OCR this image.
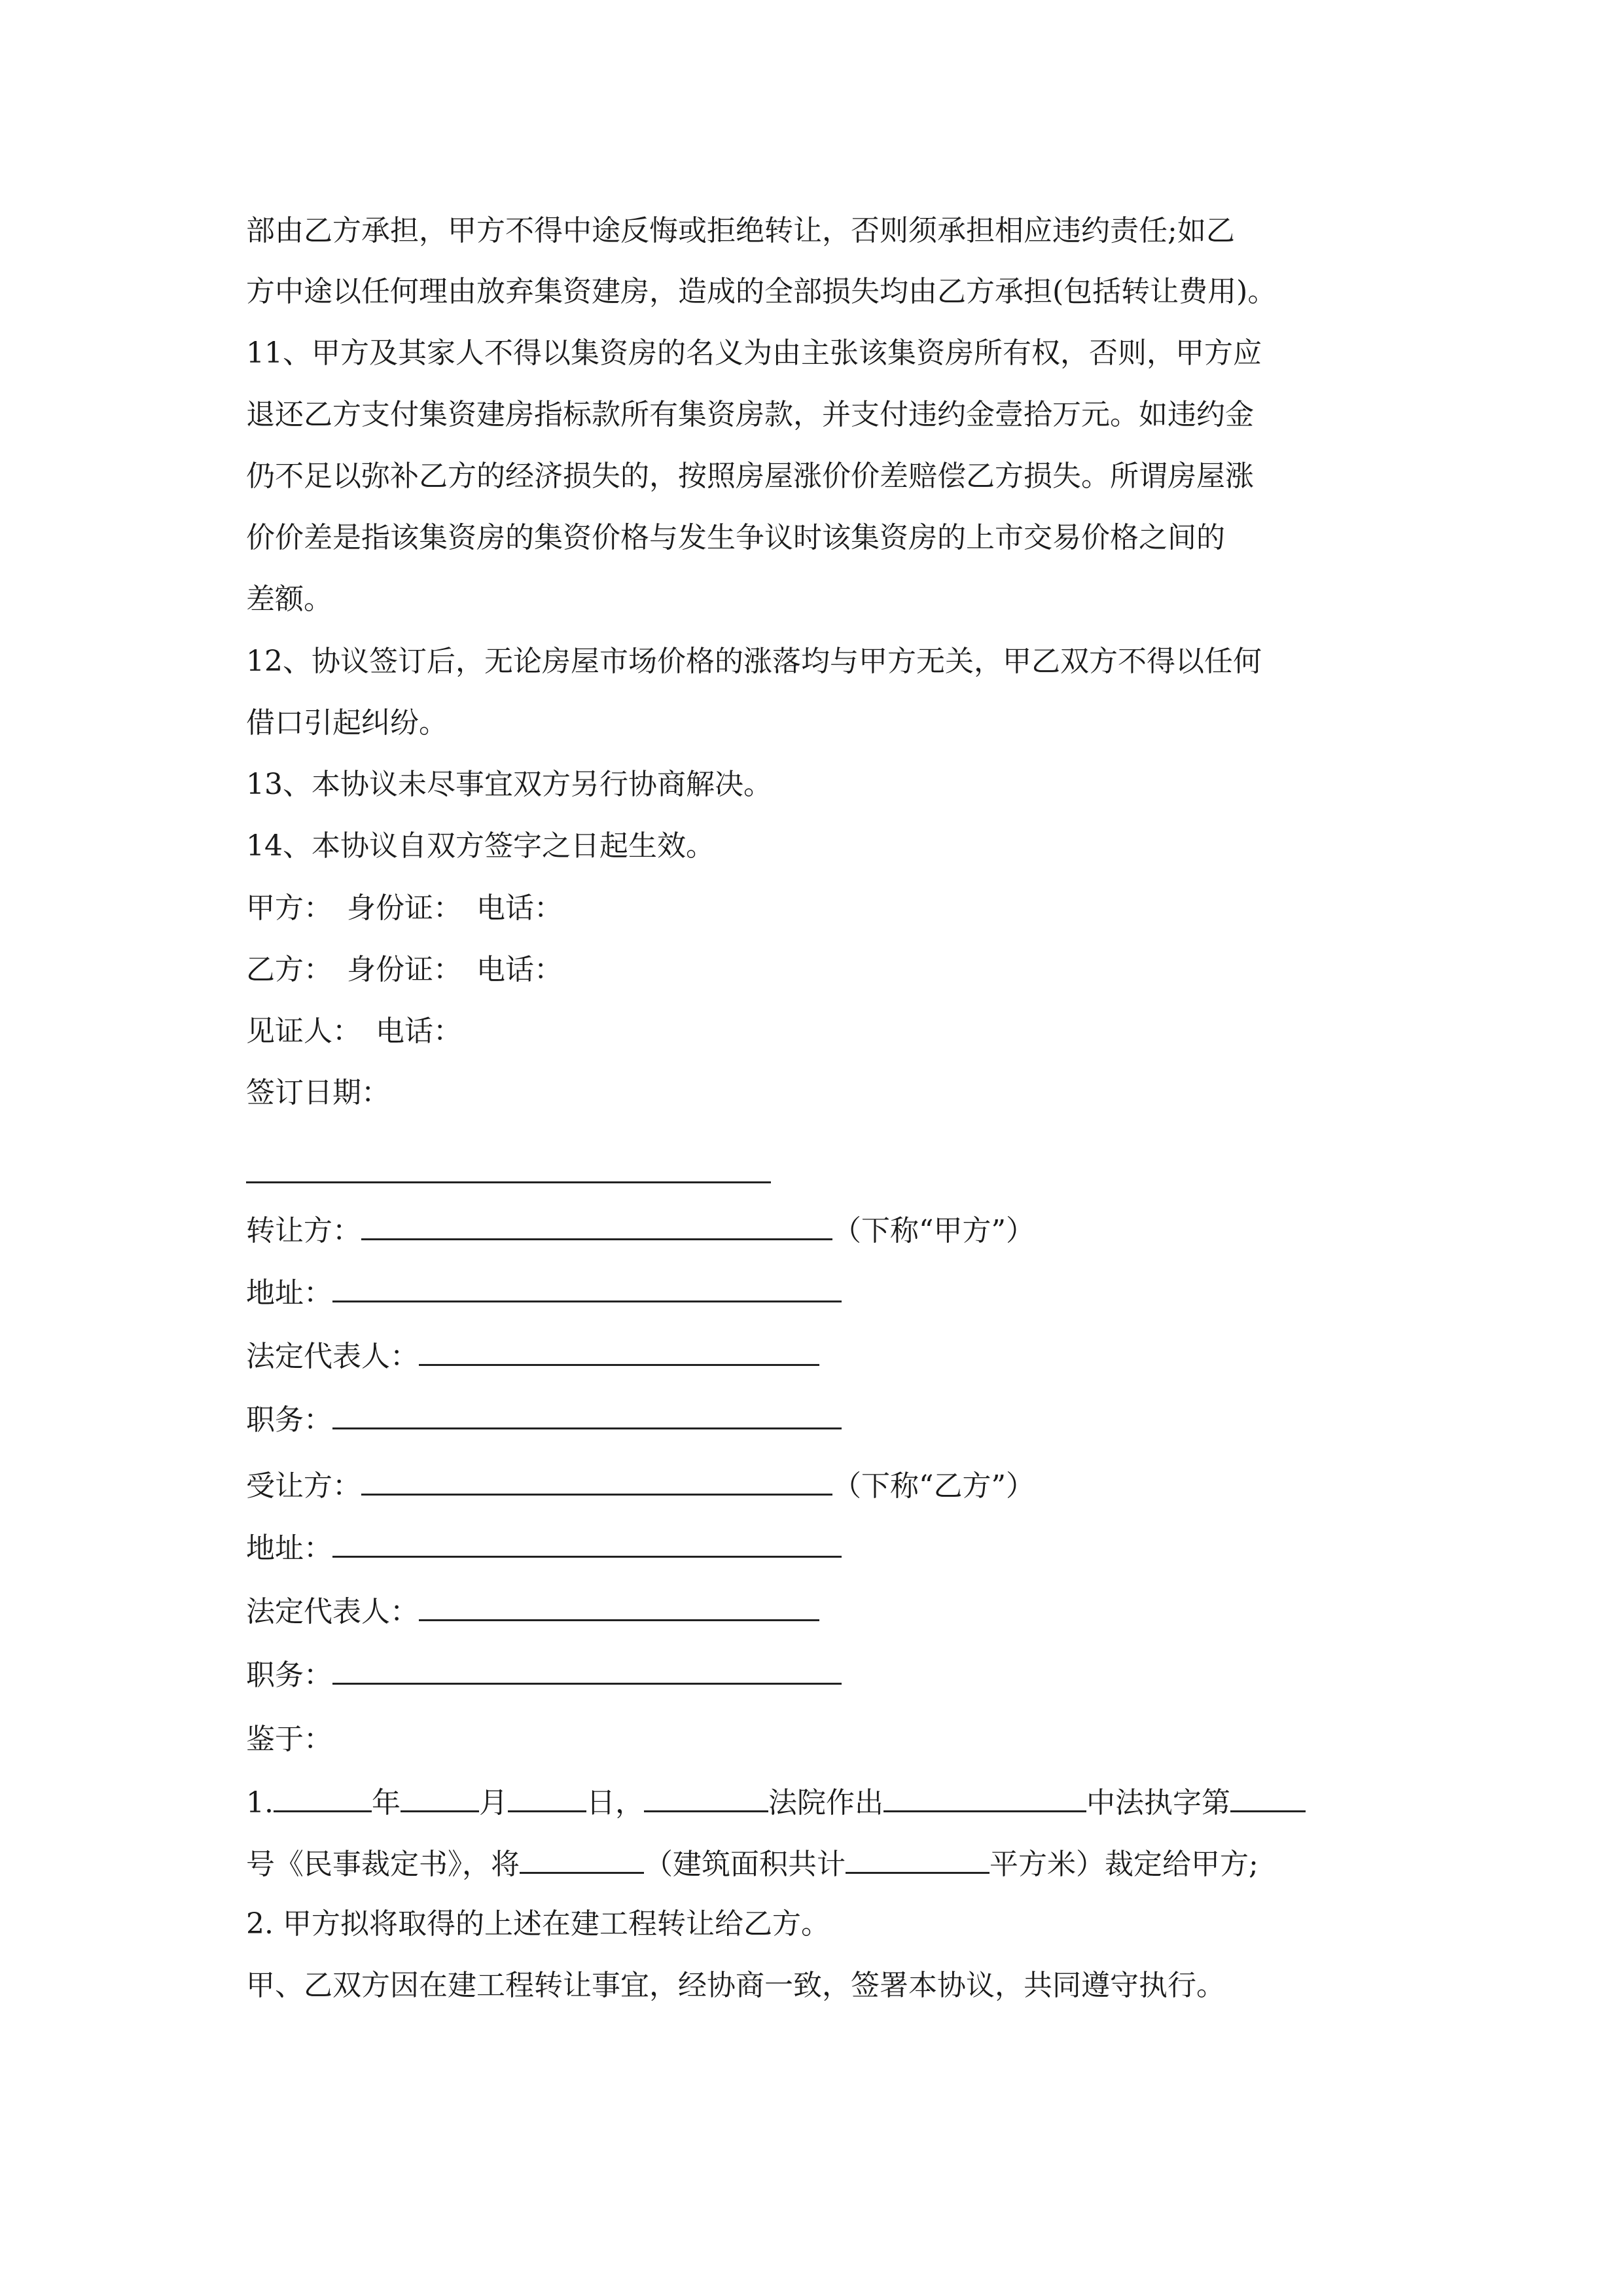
部由乙方承担，甲方不得中途反悔或拒绝转让，否则须承担相应违约责任;如乙
方中途以任何理由放弃集资建房，造成的全部损失均由乙方承担(包括转让费用)。
11、甲方及其家人不得以集资房的名义为由主张该集资房所有权，否则，甲方应
退还乙方支付集资建房指标款所有集资房款，并支付违约金壹拾万元。如违约金
仍不足以弥补乙方的经济损失的，按照房屋涨价价差赔偿乙方损失。所谓房屋涨
价价差是指该集资房的集资价格与发生争议时该集资房的上市交易价格之间的
差额。
12、协议签订后，无论房屋市场价格的涨落均与甲方无关，甲乙双方不得以任何
借口引起纠纷。
13、本协议未尽事宜双方另行协商解决。
14、本协议自双方签字之日起生效。
甲方：　身份证：　电话：
乙方：　身份证：　电话：
见证人：　电话：
签订日期：
转让方：	（下称“甲方”）
地址：
法定代表人：
职务：
受让方：	（下称“乙方”）
地址：
法定代表人：
职务：
鉴于：
1.	年	月	日，	法院作出	中法执字第
号《民事裁定书》，将	（建筑面积共计	平方米）裁定给甲方;
2. 甲方拟将取得的上述在建工程转让给乙方。
甲、乙双方因在建工程转让事宜，经协商一致，签署本协议，共同遵守执行。
